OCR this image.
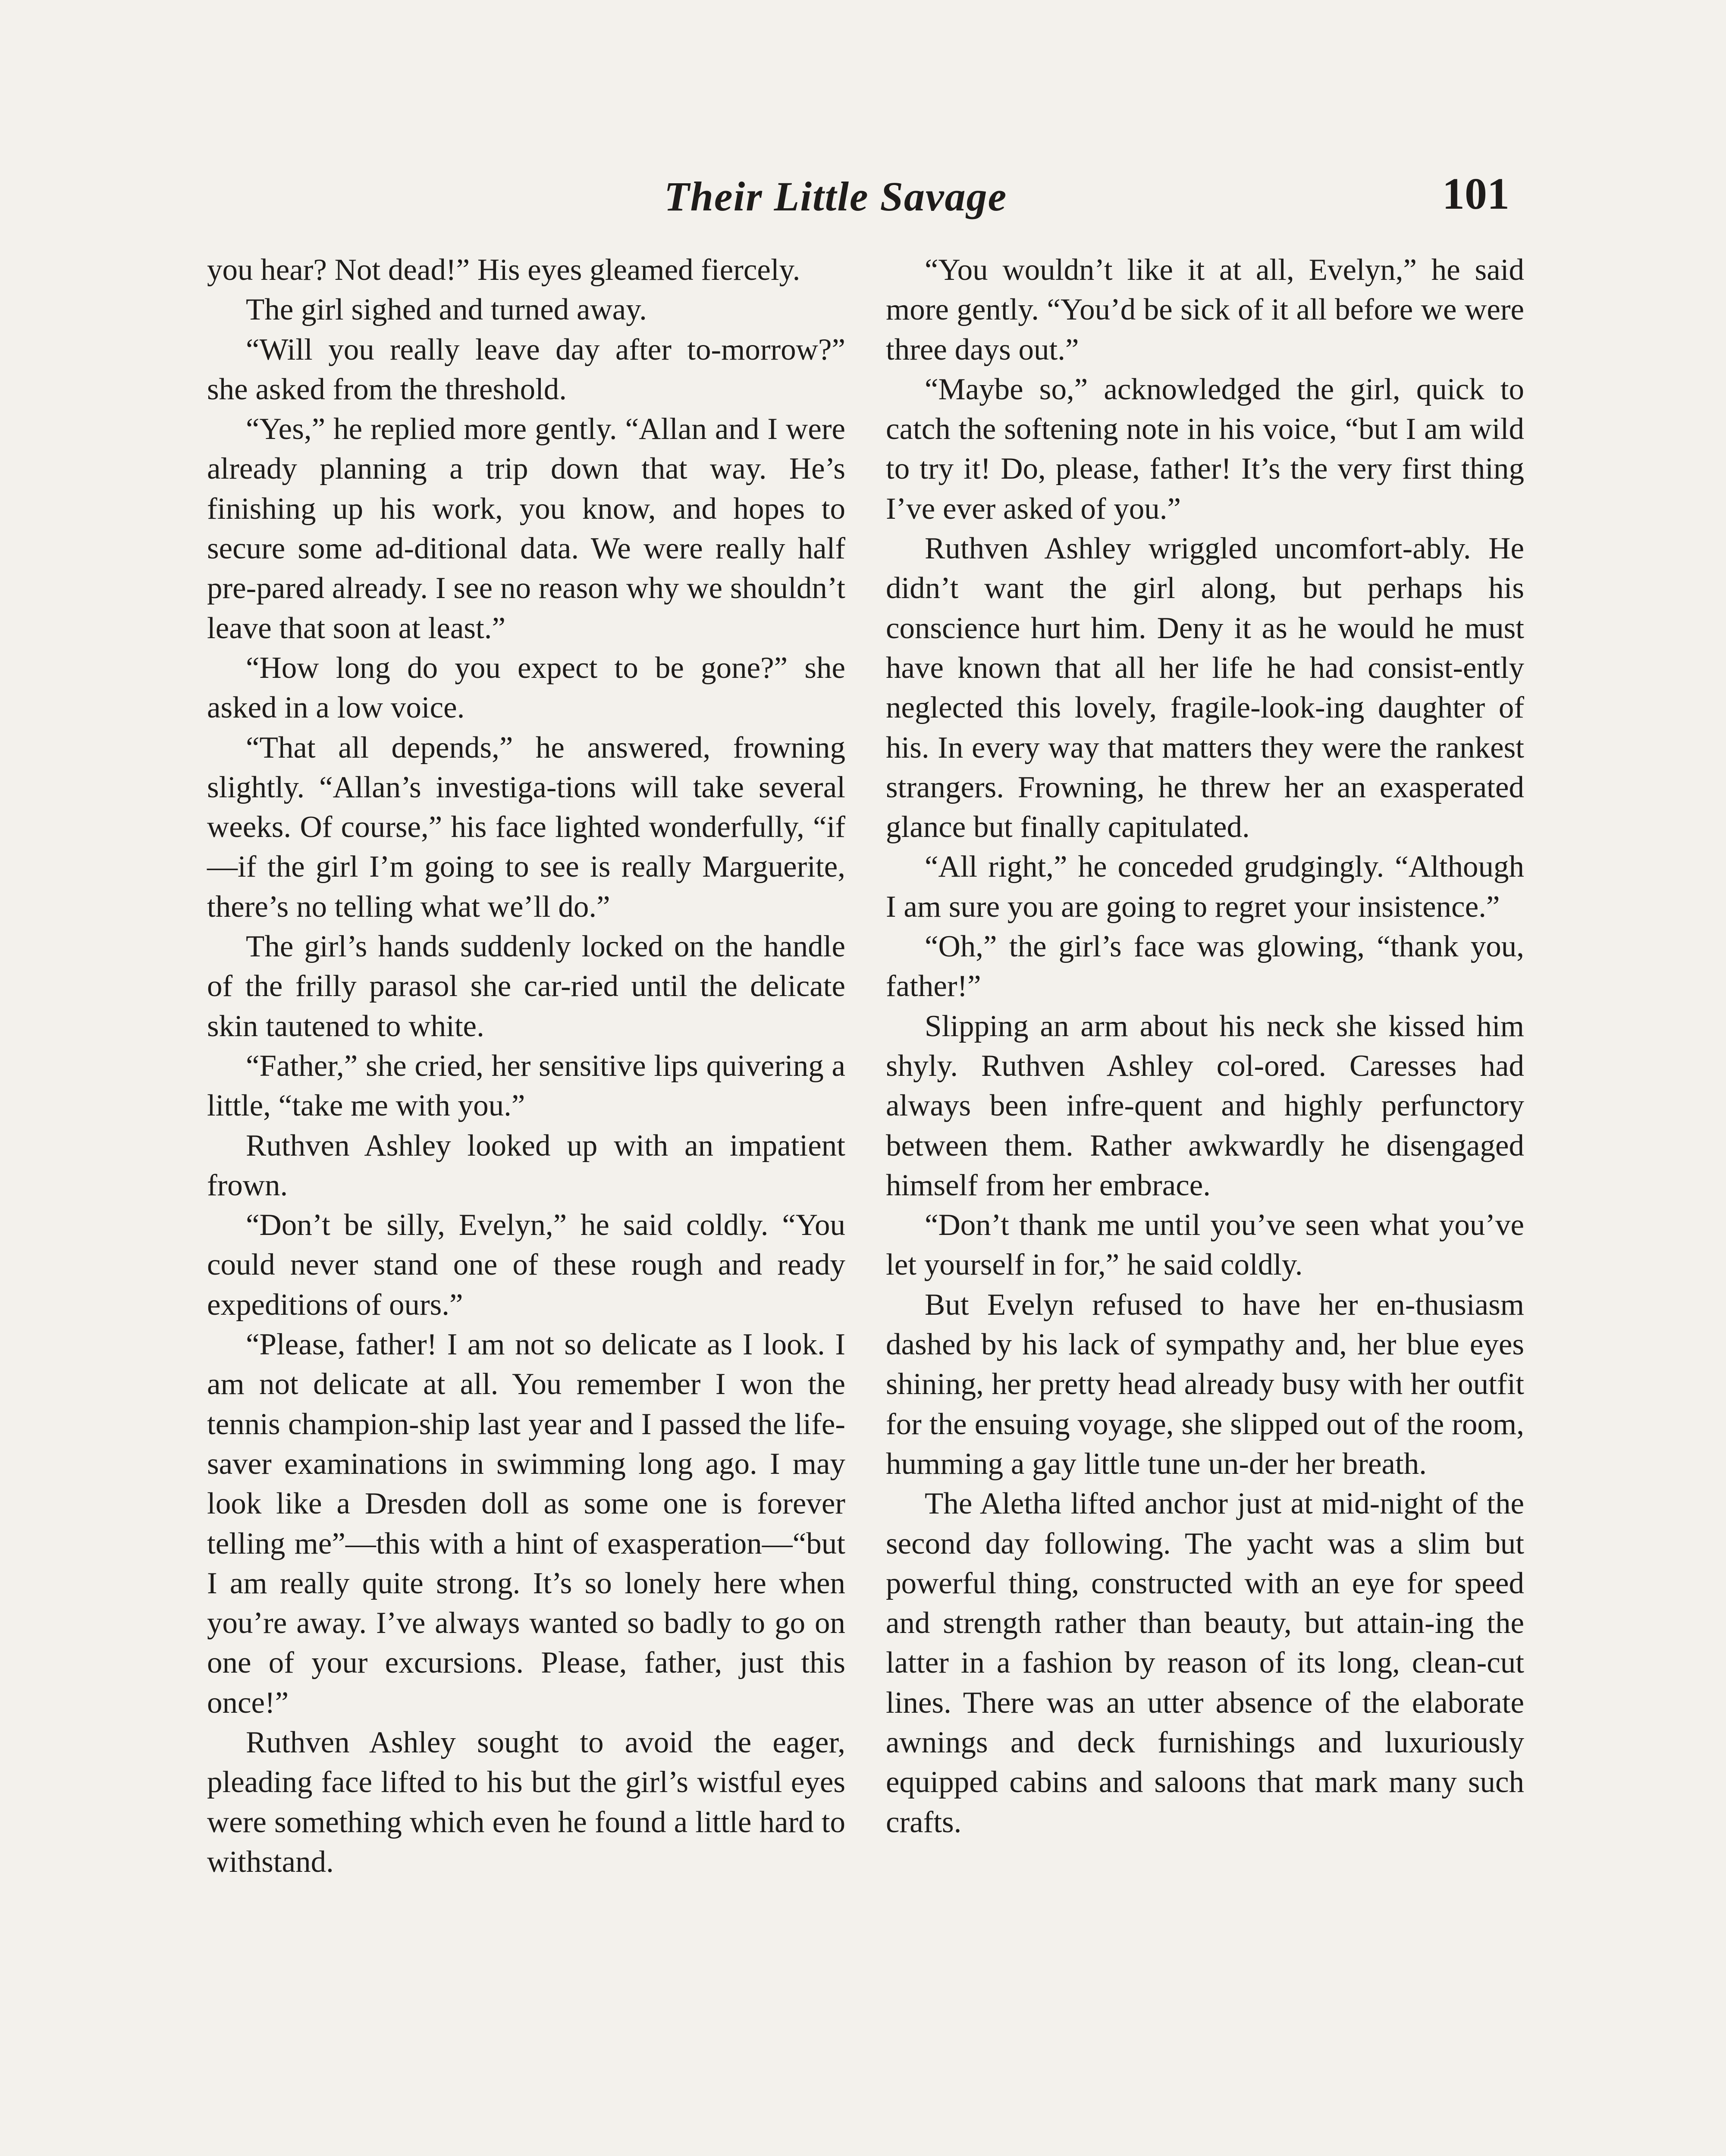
Their Little Savage	101

you hear? Not dead!” His eyes gleamed fiercely.

The girl sighed and turned away.

“Will you really leave day after to-morrow?” she asked from the threshold.

“Yes,” he replied more gently. “Allan and I were already planning a trip down that way. He’s finishing up his work, you know, and hopes to secure some ad-ditional data. We were really half pre-pared already. I see no reason why we shouldn’t leave that soon at least.”

“How long do you expect to be gone?” she asked in a low voice.

“That all depends,” he answered, frowning slightly. “Allan’s investiga-tions will take several weeks. Of course,” his face lighted wonderfully, “if—if the girl I’m going to see is really Marguerite, there’s no telling what we’ll do.”

The girl’s hands suddenly locked on the handle of the frilly parasol she car-ried until the delicate skin tautened to white.

“Father,” she cried, her sensitive lips quivering a little, “take me with you.”

Ruthven Ashley looked up with an impatient frown.

“Don’t be silly, Evelyn,” he said coldly. “You could never stand one of these rough and ready expeditions of ours.”

“Please, father! I am not so delicate as I look. I am not delicate at all. You remember I won the tennis champion-ship last year and I passed the life-saver examinations in swimming long ago. I may look like a Dresden doll as some one is forever telling me”—this with a hint of exasperation—“but I am really quite strong. It’s so lonely here when you’re away. I’ve always wanted so badly to go on one of your excursions. Please, father, just this once!”

Ruthven Ashley sought to avoid the eager, pleading face lifted to his but the girl’s wistful eyes were something which even he found a little hard to withstand.

“You wouldn’t like it at all, Evelyn,” he said more gently. “You’d be sick of it all before we were three days out.”

“Maybe so,” acknowledged the girl, quick to catch the softening note in his voice, “but I am wild to try it! Do, please, father! It’s the very first thing I’ve ever asked of you.”

Ruthven Ashley wriggled uncomfort-ably. He didn’t want the girl along, but perhaps his conscience hurt him. Deny it as he would he must have known that all her life he had consist-ently neglected this lovely, fragile-look-ing daughter of his. In every way that matters they were the rankest strangers. Frowning, he threw her an exasperated glance but finally capitulated.

“All right,” he conceded grudgingly. “Although I am sure you are going to regret your insistence.”

“Oh,” the girl’s face was glowing, “thank you, father!”

Slipping an arm about his neck she kissed him shyly. Ruthven Ashley col-ored. Caresses had always been infre-quent and highly perfunctory between them. Rather awkwardly he disengaged himself from her embrace.

“Don’t thank me until you’ve seen what you’ve let yourself in for,” he said coldly.

But Evelyn refused to have her en-thusiasm dashed by his lack of sympathy and, her blue eyes shining, her pretty head already busy with her outfit for the ensuing voyage, she slipped out of the room, humming a gay little tune un-der her breath.

The Aletha lifted anchor just at mid-night of the second day following. The yacht was a slim but powerful thing, constructed with an eye for speed and strength rather than beauty, but attain-ing the latter in a fashion by reason of its long, clean-cut lines. There was an utter absence of the elaborate awnings and deck furnishings and luxuriously equipped cabins and saloons that mark many such crafts.
